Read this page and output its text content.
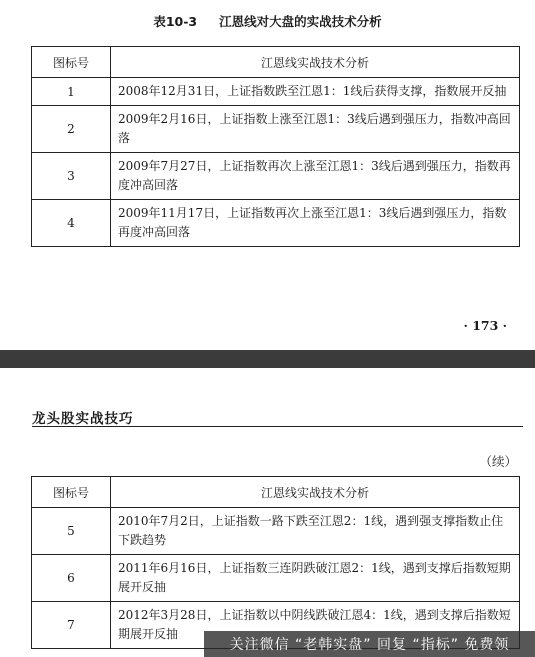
表10-3 江恩线对大盘的实战技术分析
图标号	江恩线实战技术分析
1	2008年12月31日，上证指数跌至江恩1：1线后获得支撑，指数展开反抽
2	2009年2月16日，上证指数上涨至江恩1：3线后遇到强压力，指数冲高回落
3	2009年7月27日，上证指数再次上涨至江恩1：3线后遇到强压力，指数再度冲高回落
4	2009年11月17日，上证指数再次上涨至江恩1：3线后遇到强压力，指数再度冲高回落
· 173 ·
龙头股实战技巧
（续）
图标号	江恩线实战技术分析
5	2010年7月2日，上证指数一路下跌至江恩2：1线，遇到强支撑指数止住下跌趋势
6	2011年6月16日，上证指数三连阴跌破江恩2：1线，遇到支撑后指数短期展开反抽
7	2012年3月28日，上证指数以中阴线跌破江恩4：1线，遇到支撑后指数短期展开反抽
关注微信 “老韩实盘” 回复 “指标” 免费领
